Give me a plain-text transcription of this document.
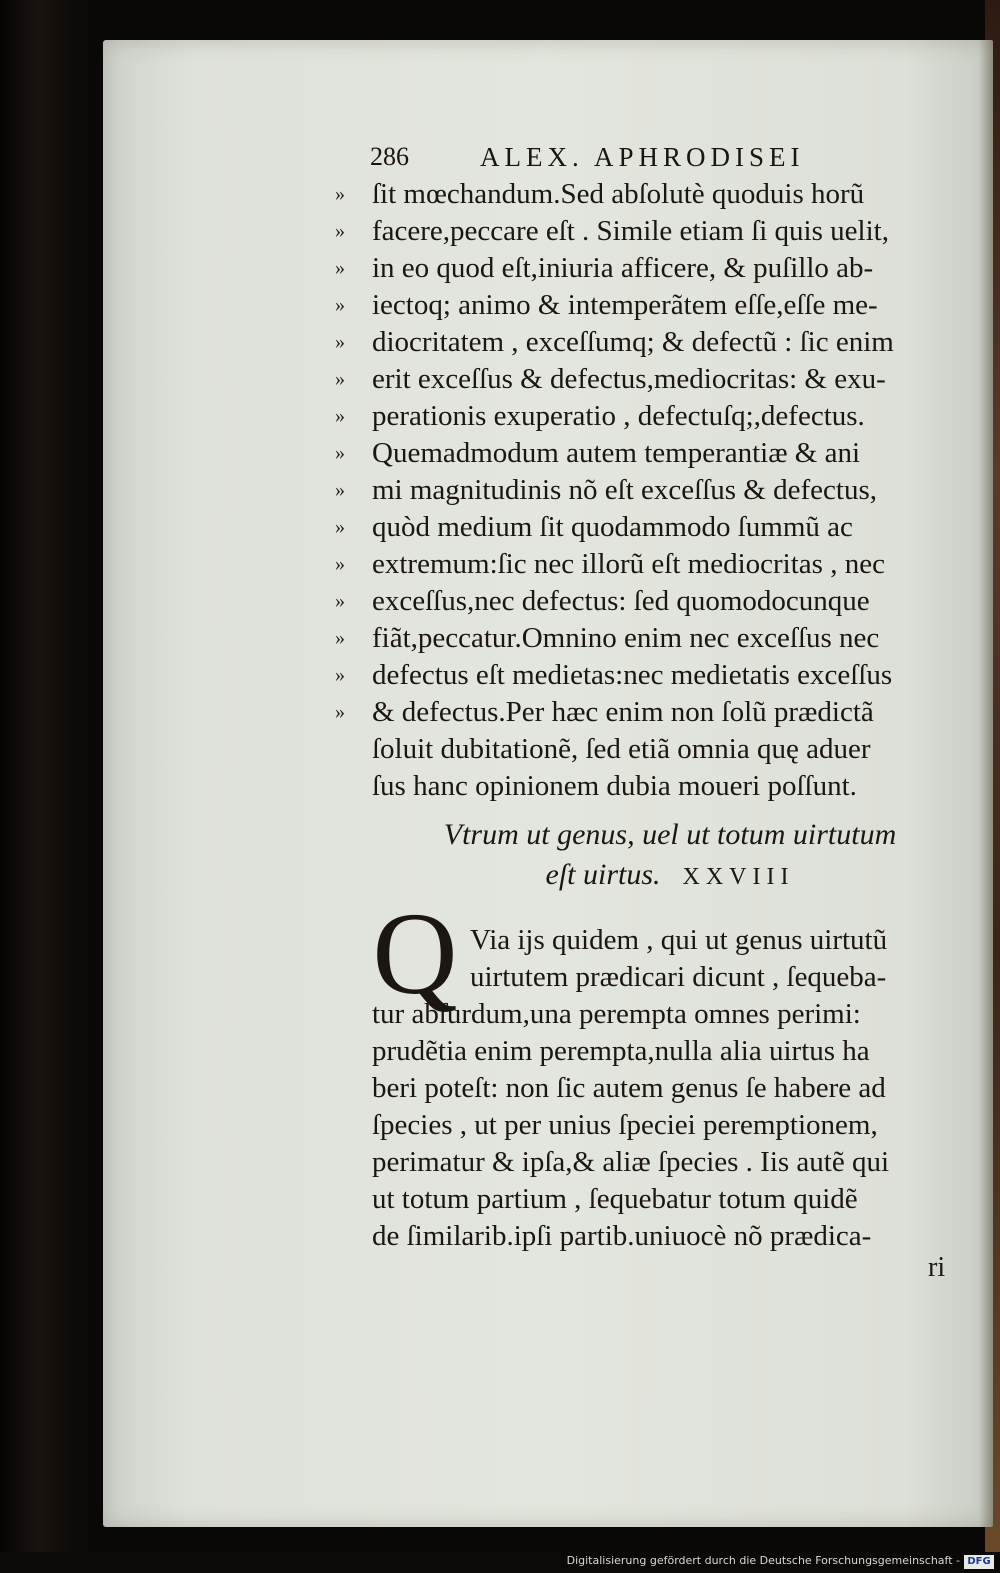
286	ALEX. APHRODISEI
» ſit mœchandum.Sed abſolutè quoduis horũ
» facere,peccare eſt . Simile etiam ſi quis uelit,
» in eo quod eſt,iniuria afficere, & puſillo ab-
» iectoq; animo & intemperãtem eſſe,eſſe me-
» diocritatem , exceſſumq; & defectũ : ſic enim
» erit exceſſus & defectus,mediocritas: & exu-
» perationis exuperatio , defectuſq;,defectus.
» Quemadmodum autem temperantiæ & ani
» mi magnitudinis nõ eſt exceſſus & defectus,
» quòd medium ſit quodammodo ſummũ ac
» extremum:ſic nec illorũ eſt mediocritas , nec
» exceſſus,nec defectus: ſed quomodocunque
» fiãt,peccatur.Omnino enim nec exceſſus nec
» defectus eſt medietas:nec medietatis exceſſus
» & defectus.Per hæc enim non ſolũ prædictã
ſoluit dubitationẽ, ſed etiã omnia quę aduer
ſus hanc opinionem dubia moueri poſſunt.
Vtrum ut genus, uel ut totum uirtutum
eſt uirtus. XXVIII
Q Via ijs quidem , qui ut genus uirtutũ
uirtutem prædicari dicunt , ſequeba-
tur abſurdum,una perempta omnes perimi:
prudẽtia enim perempta,nulla alia uirtus ha
beri poteſt: non ſic autem genus ſe habere ad
ſpecies , ut per unius ſpeciei peremptionem,
perimatur & ipſa,& aliæ ſpecies . Iis autẽ qui
ut totum partium , ſequebatur totum quidẽ
de ſimilarib.ipſi partib.uniuocè nõ prædica-
ri
Digitalisierung gefördert durch die Deutsche Forschungsgemeinschaft - DFG
